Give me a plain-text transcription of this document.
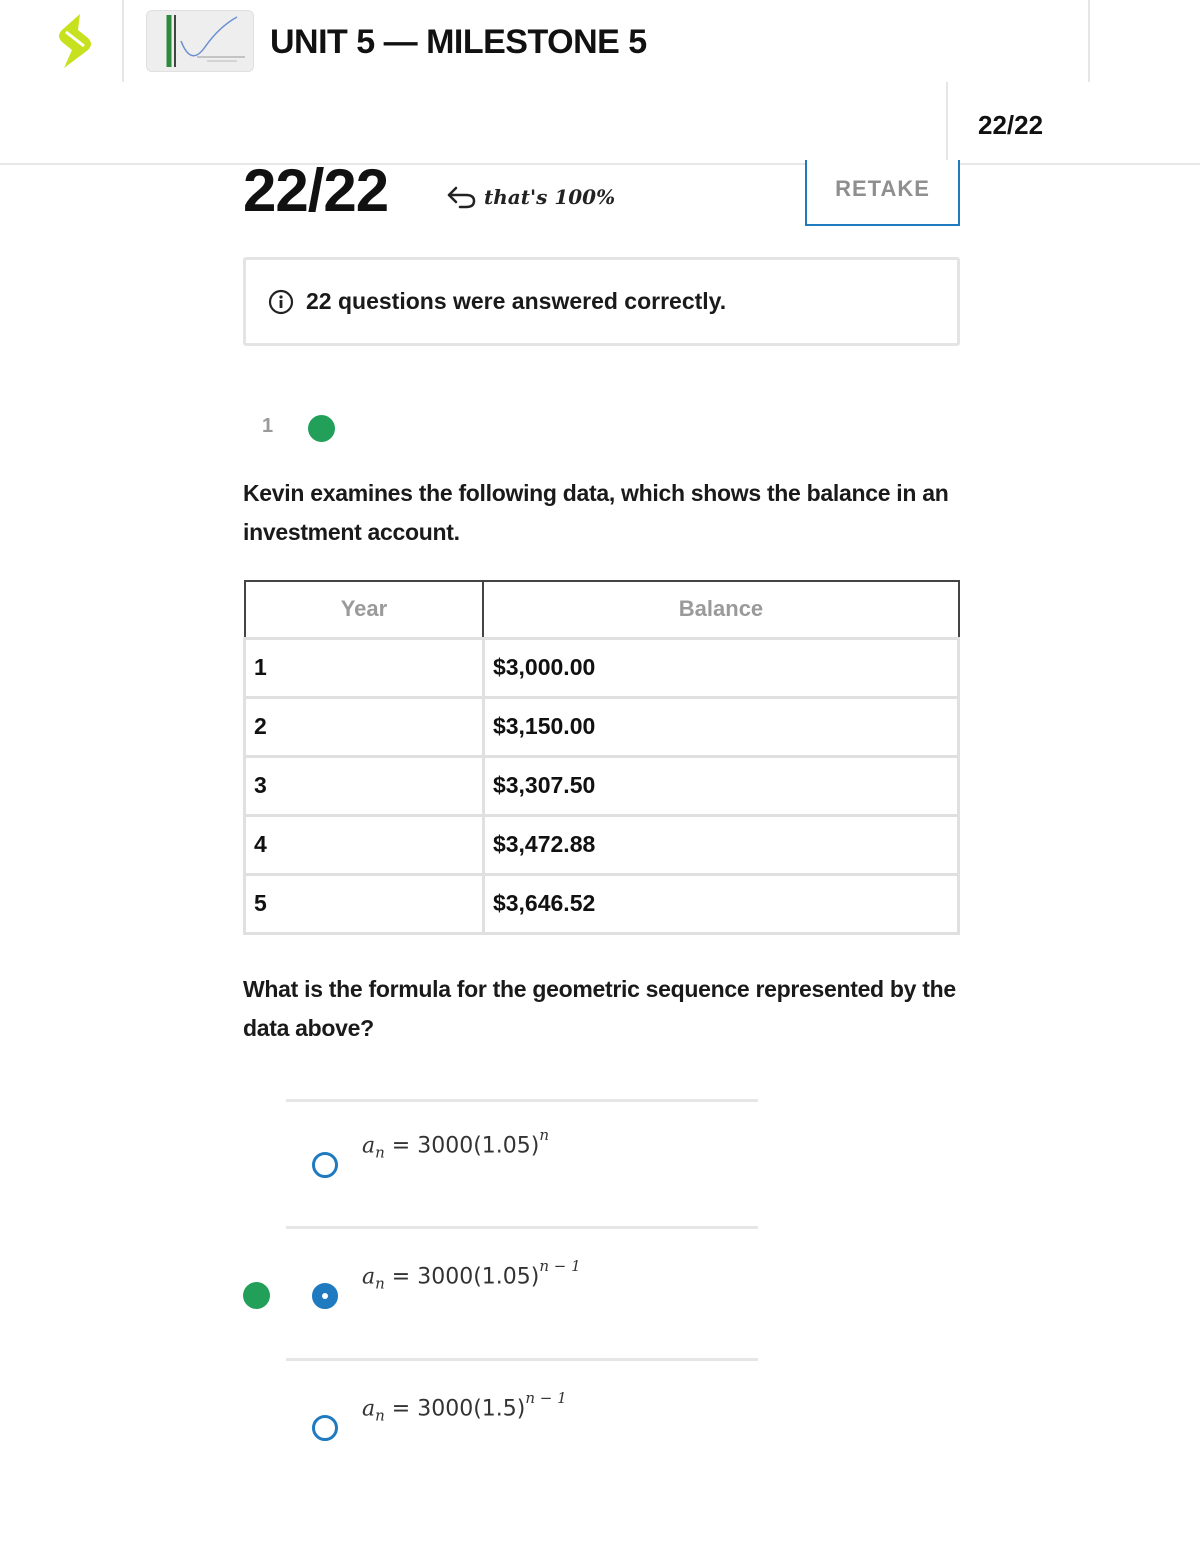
UNIT 5 — MILESTONE 5
22/22
22/22	that's 100%	RETAKE
22 questions were answered correctly.
1
Kevin examines the following data, which shows the balance in an investment account.
Year	Balance
1	$3,000.00
2	$3,150.00
3	$3,307.50
4	$3,472.88
5	$3,646.52
What is the formula for the geometric sequence represented by the data above?
$a_n = 3000(1.05)^n$
$a_n = 3000(1.05)^{n - 1}$
$a_n = 3000(1.5)^{n - 1}$
